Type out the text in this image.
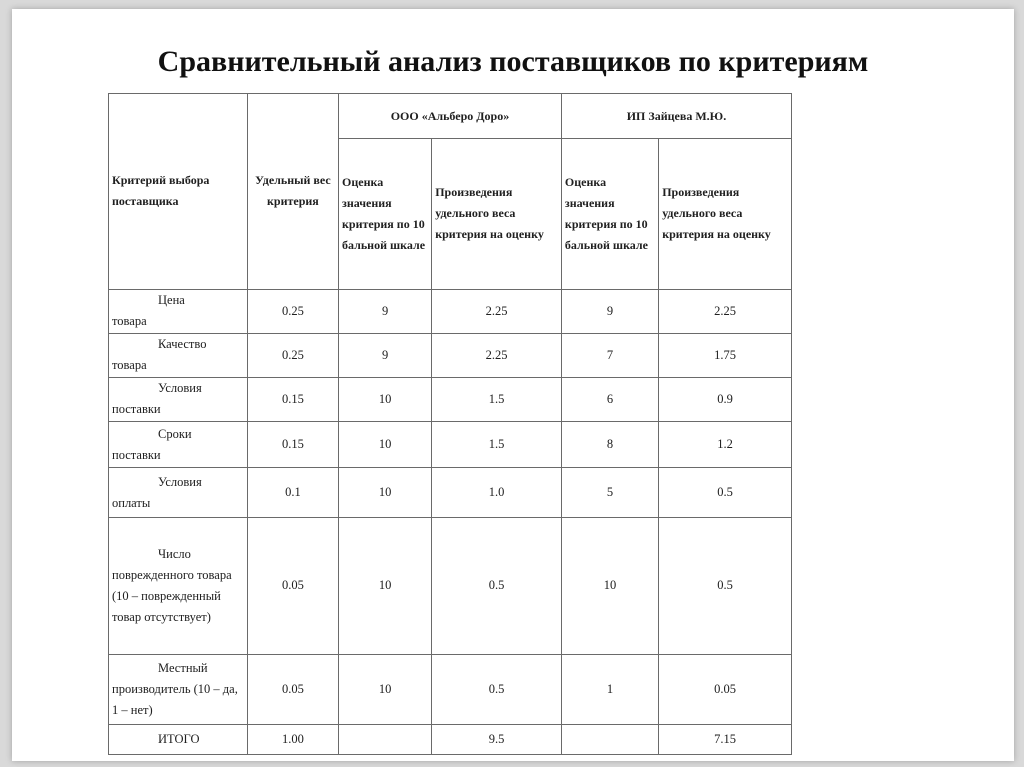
Сравнительный анализ поставщиков по критериям
Критерий выбора поставщика	Удельный вес критерия	ООО «Альберо Доро»		ИП Зайцева М.Ю.	
		Оценка значения критерия по 10 бальной шкале	Произведения удельного веса критерия на оценку	Оценка значения критерия по 10 бальной шкале	Произведения удельного веса критерия на оценку

Цена
товара	0.25	9	2.25	9	2.25

Качество
товара	0.25	9	2.25	7	1.75

Условия
поставки	0.15	10	1.5	6	0.9

Сроки
поставки	0.15	10	1.5	8	1.2

Условия
оплаты	0.1	10	1.0	5	0.5

Число
поврежденного товара (10 – поврежденный товар отсутствует)	0.05	10	0.5	10	0.5

Местный
производитель (10 – да, 1 – нет)	0.05	10	0.5	1	0.05

ИТОГО	1.00		9.5		7.15
